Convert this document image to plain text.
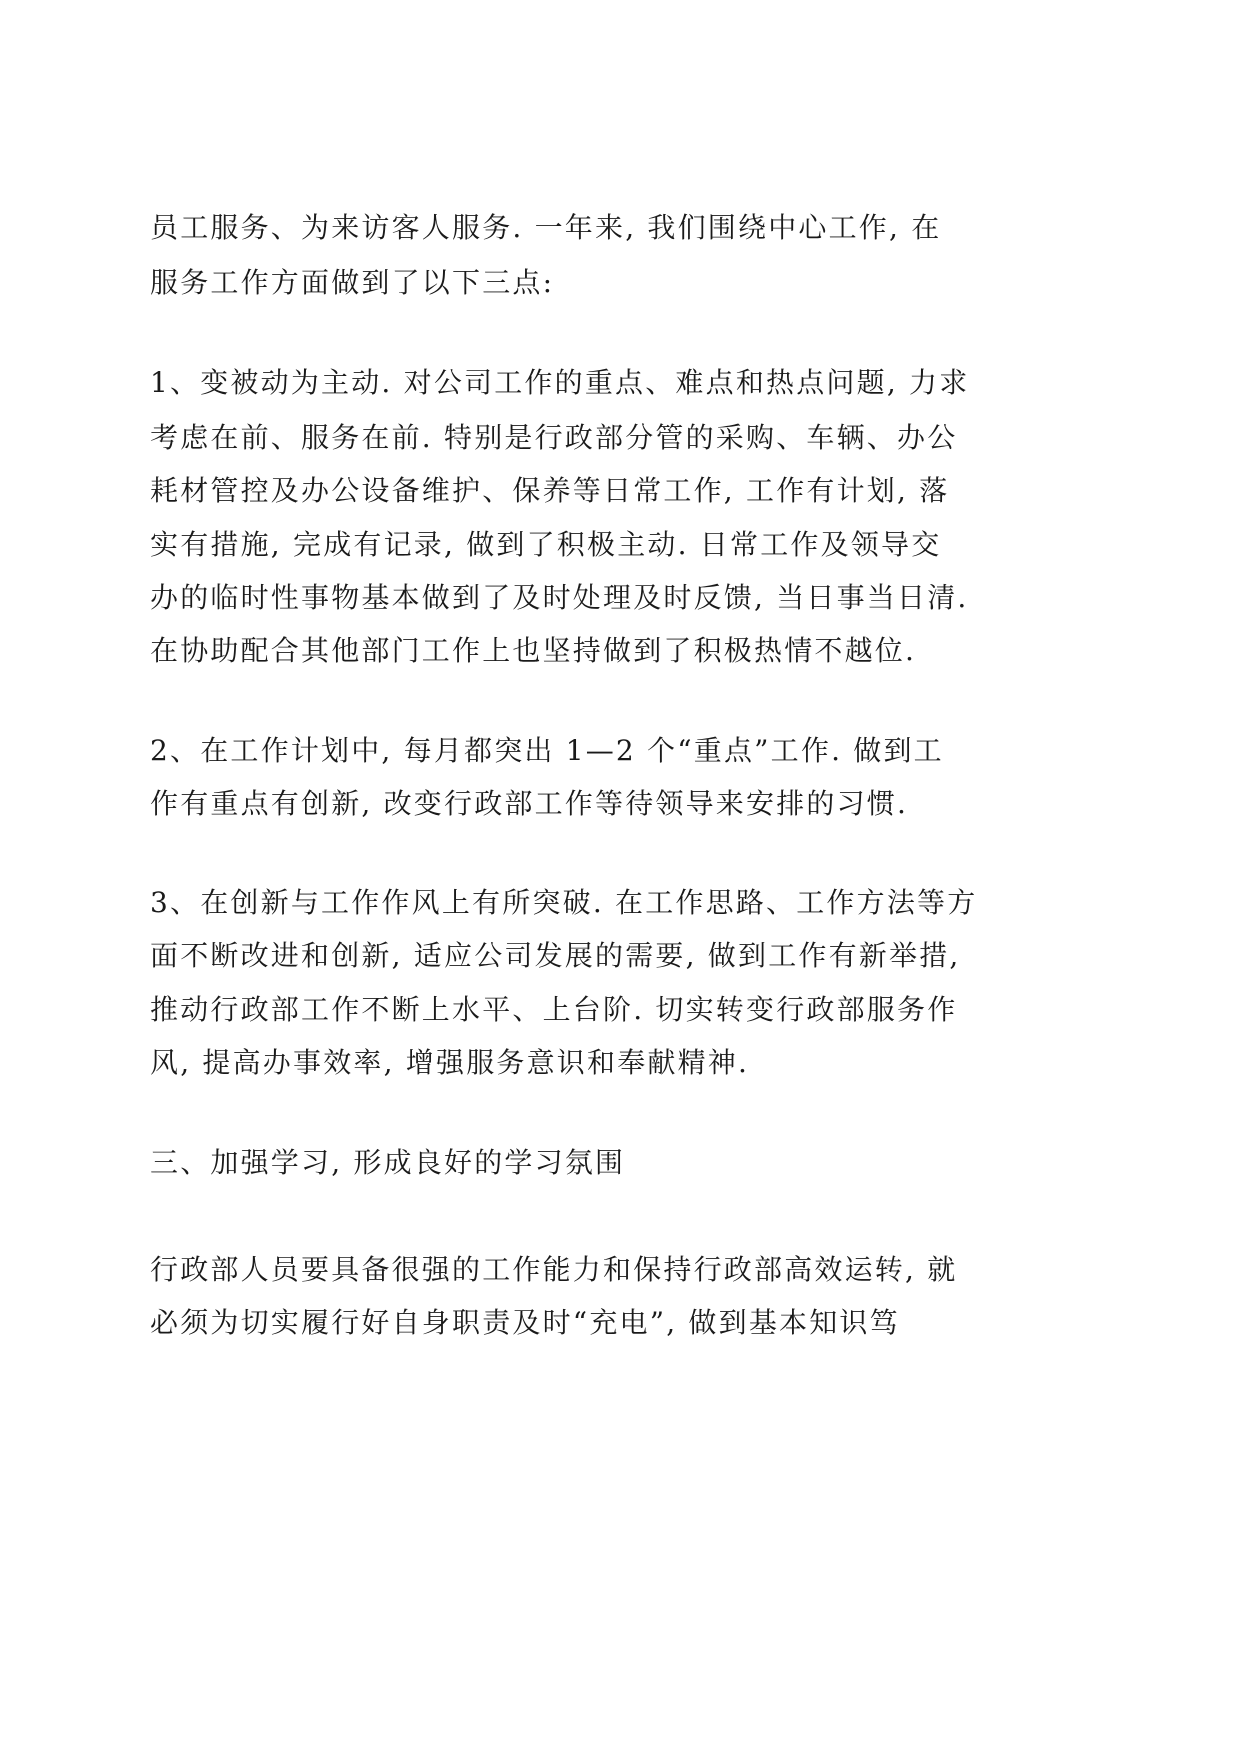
员工服务、为来访客人服务. 一年来, 我们围绕中心工作, 在
服务工作方面做到了以下三点:
1、变被动为主动. 对公司工作的重点、难点和热点问题, 力求
考虑在前、服务在前. 特别是行政部分管的采购、车辆、办公
耗材管控及办公设备维护、保养等日常工作, 工作有计划, 落
实有措施, 完成有记录, 做到了积极主动. 日常工作及领导交
办的临时性事物基本做到了及时处理及时反馈, 当日事当日清.
在协助配合其他部门工作上也坚持做到了积极热情不越位.
2、在工作计划中, 每月都突出 1—2 个“重点”工作. 做到工
作有重点有创新, 改变行政部工作等待领导来安排的习惯.
3、在创新与工作作风上有所突破. 在工作思路、工作方法等方
面不断改进和创新, 适应公司发展的需要, 做到工作有新举措,
推动行政部工作不断上水平、上台阶. 切实转变行政部服务作
风, 提高办事效率, 增强服务意识和奉献精神.
三、加强学习, 形成良好的学习氛围
行政部人员要具备很强的工作能力和保持行政部高效运转, 就
必须为切实履行好自身职责及时“充电”, 做到基本知识笃
